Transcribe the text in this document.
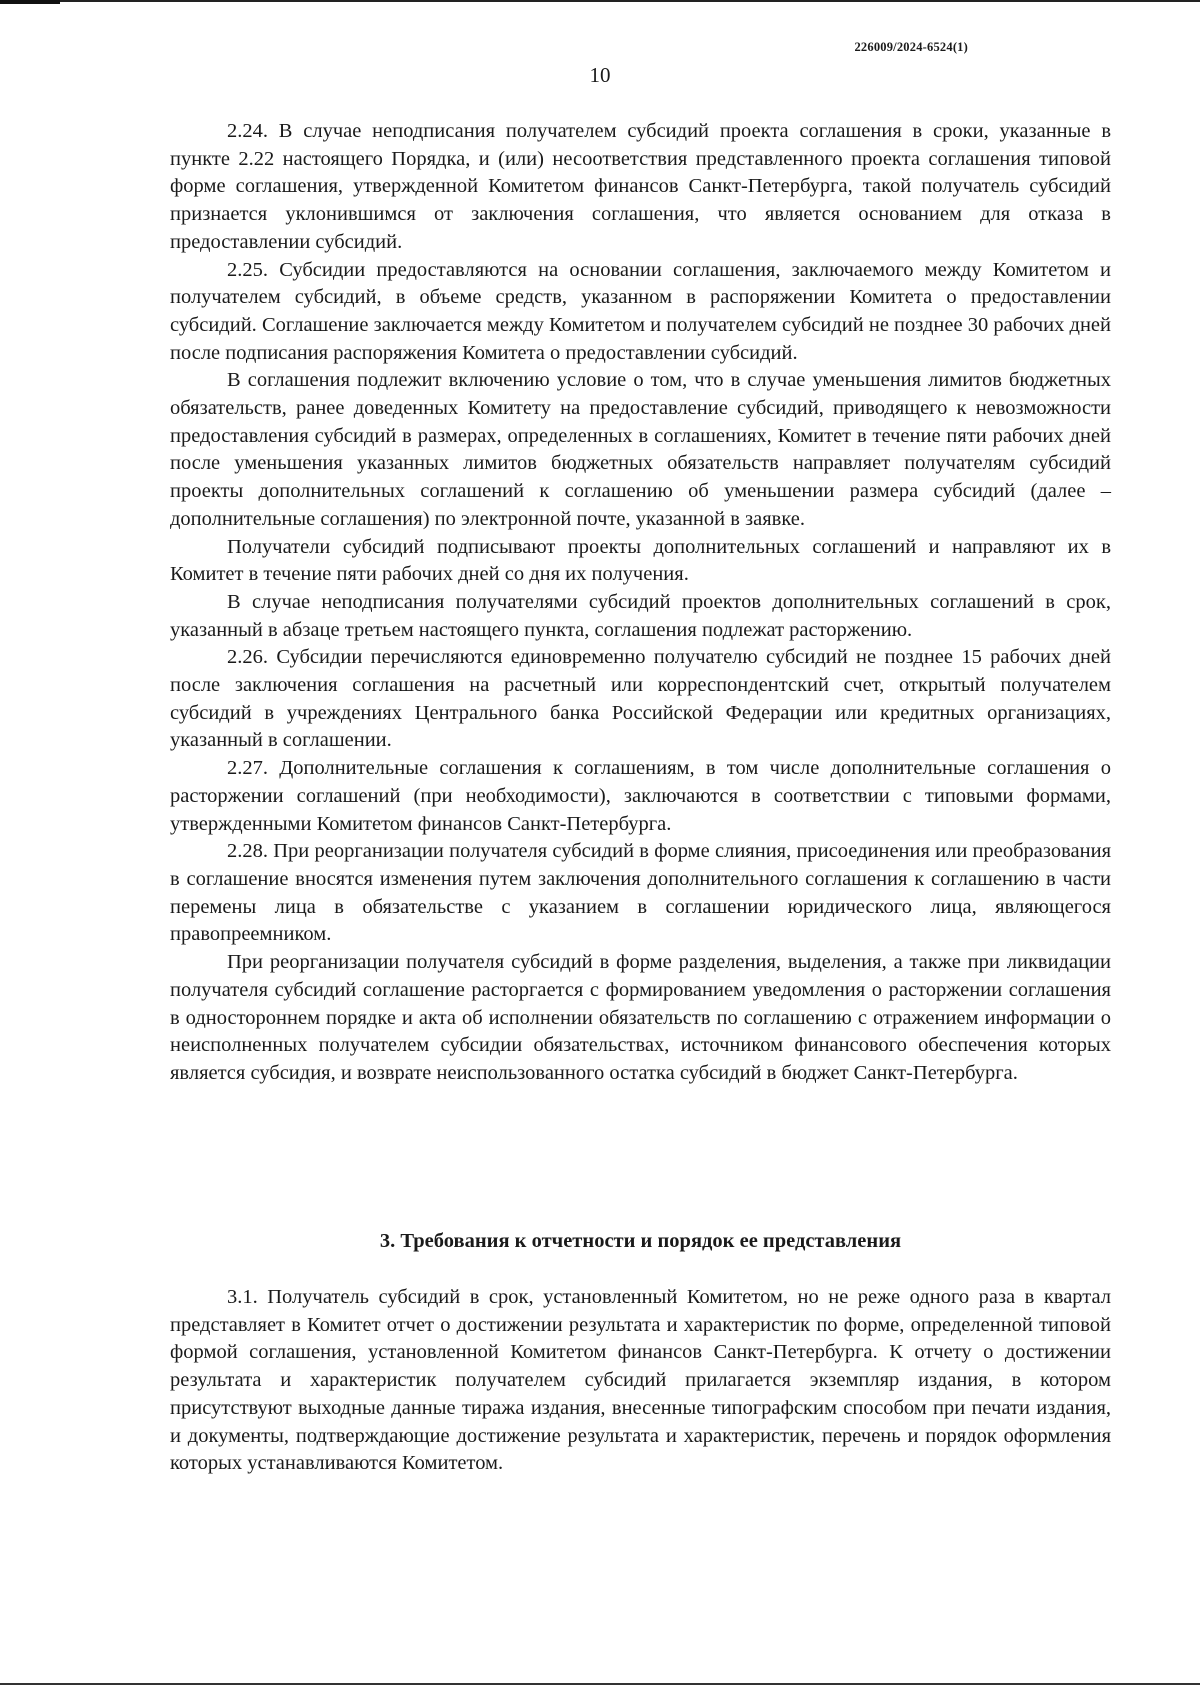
226009/2024-6524(1)
10

2.24. В случае неподписания получателем субсидий проекта соглашения в сроки, указанные в пункте 2.22 настоящего Порядка, и (или) несоответствия представленного проекта соглашения типовой форме соглашения, утвержденной Комитетом финансов Санкт-Петербурга, такой получатель субсидий признается уклонившимся от заключения соглашения, что является основанием для отказа в предоставлении субсидий.

2.25. Субсидии предоставляются на основании соглашения, заключаемого между Комитетом и получателем субсидий, в объеме средств, указанном в распоряжении Комитета о предоставлении субсидий. Соглашение заключается между Комитетом и получателем субсидий не позднее 30 рабочих дней после подписания распоряжения Комитета о предоставлении субсидий.

В соглашения подлежит включению условие о том, что в случае уменьшения лимитов бюджетных обязательств, ранее доведенных Комитету на предоставление субсидий, приводящего к невозможности предоставления субсидий в размерах, определенных в соглашениях, Комитет в течение пяти рабочих дней после уменьшения указанных лимитов бюджетных обязательств направляет получателям субсидий проекты дополнительных соглашений к соглашению об уменьшении размера субсидий (далее – дополнительные соглашения) по электронной почте, указанной в заявке.

Получатели субсидий подписывают проекты дополнительных соглашений и направляют их в Комитет в течение пяти рабочих дней со дня их получения.

В случае неподписания получателями субсидий проектов дополнительных соглашений в срок, указанный в абзаце третьем настоящего пункта, соглашения подлежат расторжению.

2.26. Субсидии перечисляются единовременно получателю субсидий не позднее 15 рабочих дней после заключения соглашения на расчетный или корреспондентский счет, открытый получателем субсидий в учреждениях Центрального банка Российской Федерации или кредитных организациях, указанный в соглашении.

2.27. Дополнительные соглашения к соглашениям, в том числе дополнительные соглашения о расторжении соглашений (при необходимости), заключаются в соответствии с типовыми формами, утвержденными Комитетом финансов Санкт-Петербурга.

2.28. При реорганизации получателя субсидий в форме слияния, присоединения или преобразования в соглашение вносятся изменения путем заключения дополнительного соглашения к соглашению в части перемены лица в обязательстве с указанием в соглашении юридического лица, являющегося правопреемником.

При реорганизации получателя субсидий в форме разделения, выделения, а также при ликвидации получателя субсидий соглашение расторгается с формированием уведомления о расторжении соглашения в одностороннем порядке и акта об исполнении обязательств по соглашению с отражением информации о неисполненных получателем субсидии обязательствах, источником финансового обеспечения которых является субсидия, и возврате неиспользованного остатка субсидий в бюджет Санкт-Петербурга.

3. Требования к отчетности и порядок ее представления

3.1. Получатель субсидий в срок, установленный Комитетом, но не реже одного раза в квартал представляет в Комитет отчет о достижении результата и характеристик по форме, определенной типовой формой соглашения, установленной Комитетом финансов Санкт-Петербурга. К отчету о достижении результата и характеристик получателем субсидий прилагается экземпляр издания, в котором присутствуют выходные данные тиража издания, внесенные типографским способом при печати издания, и документы, подтверждающие достижение результата и характеристик, перечень и порядок оформления которых устанавливаются Комитетом.
